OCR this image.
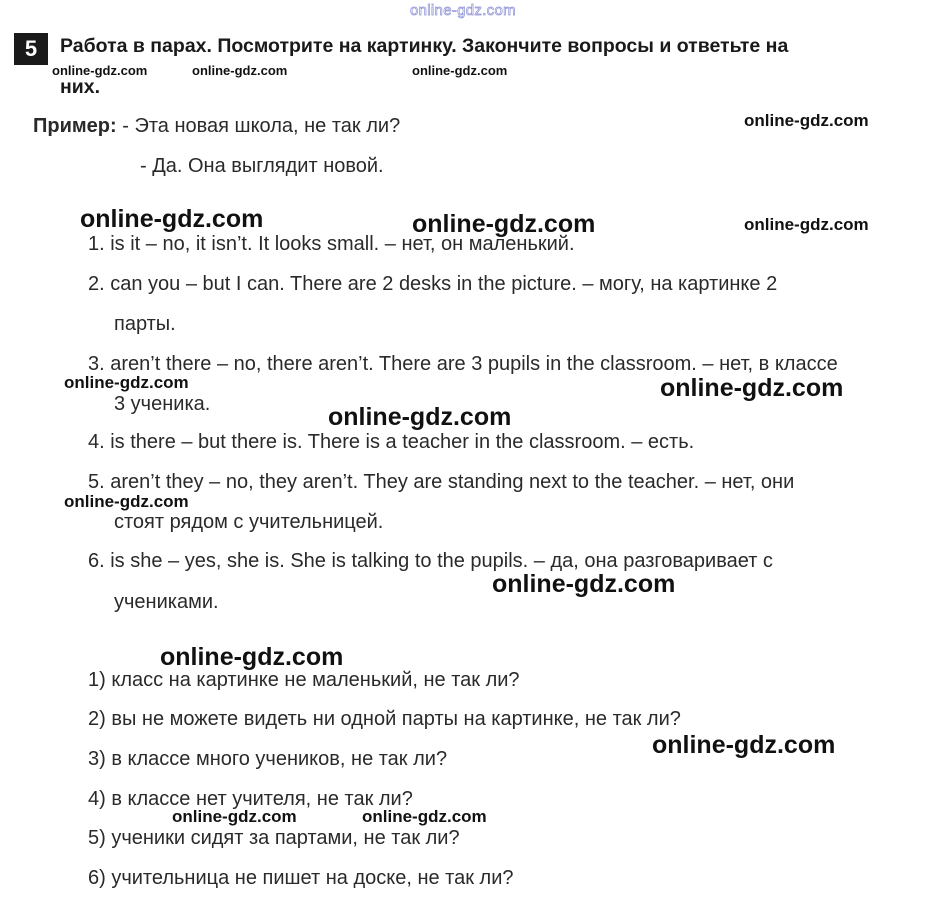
online-gdz.com
5	Работа в парах. Посмотрите на картинку. Закончите вопросы и ответьте на
них.
Пример: - Эта новая школа, не так ли?
- Да. Она выглядит новой.
1. is it – no, it isn’t. It looks small. – нет, он маленький.
2. can you – but I can. There are 2 desks in the picture. – могу, на картинке 2
парты.
3. aren’t there – no, there aren’t. There are 3 pupils in the classroom. – нет, в классе
3 ученика.
4. is there – but there is. There is a teacher in the classroom. – есть.
5. aren’t they – no, they aren’t. They are standing next to the teacher. – нет, они
стоят рядом с учительницей.
6. is she – yes, she is. She is talking to the pupils. – да, она разговаривает с
учениками.
1) класс на картинке не маленький, не так ли?
2) вы не можете видеть ни одной парты на картинке, не так ли?
3) в классе много учеников, не так ли?
4) в классе нет учителя, не так ли?
5) ученики сидят за партами, не так ли?
6) учительница не пишет на доске, не так ли?
online-gdz.com	online-gdz.com	online-gdz.com
online-gdz.com
online-gdz.com	online-gdz.com	online-gdz.com
online-gdz.com	online-gdz.com
online-gdz.com
online-gdz.com
online-gdz.com
online-gdz.com
online-gdz.com
online-gdz.com	online-gdz.com
